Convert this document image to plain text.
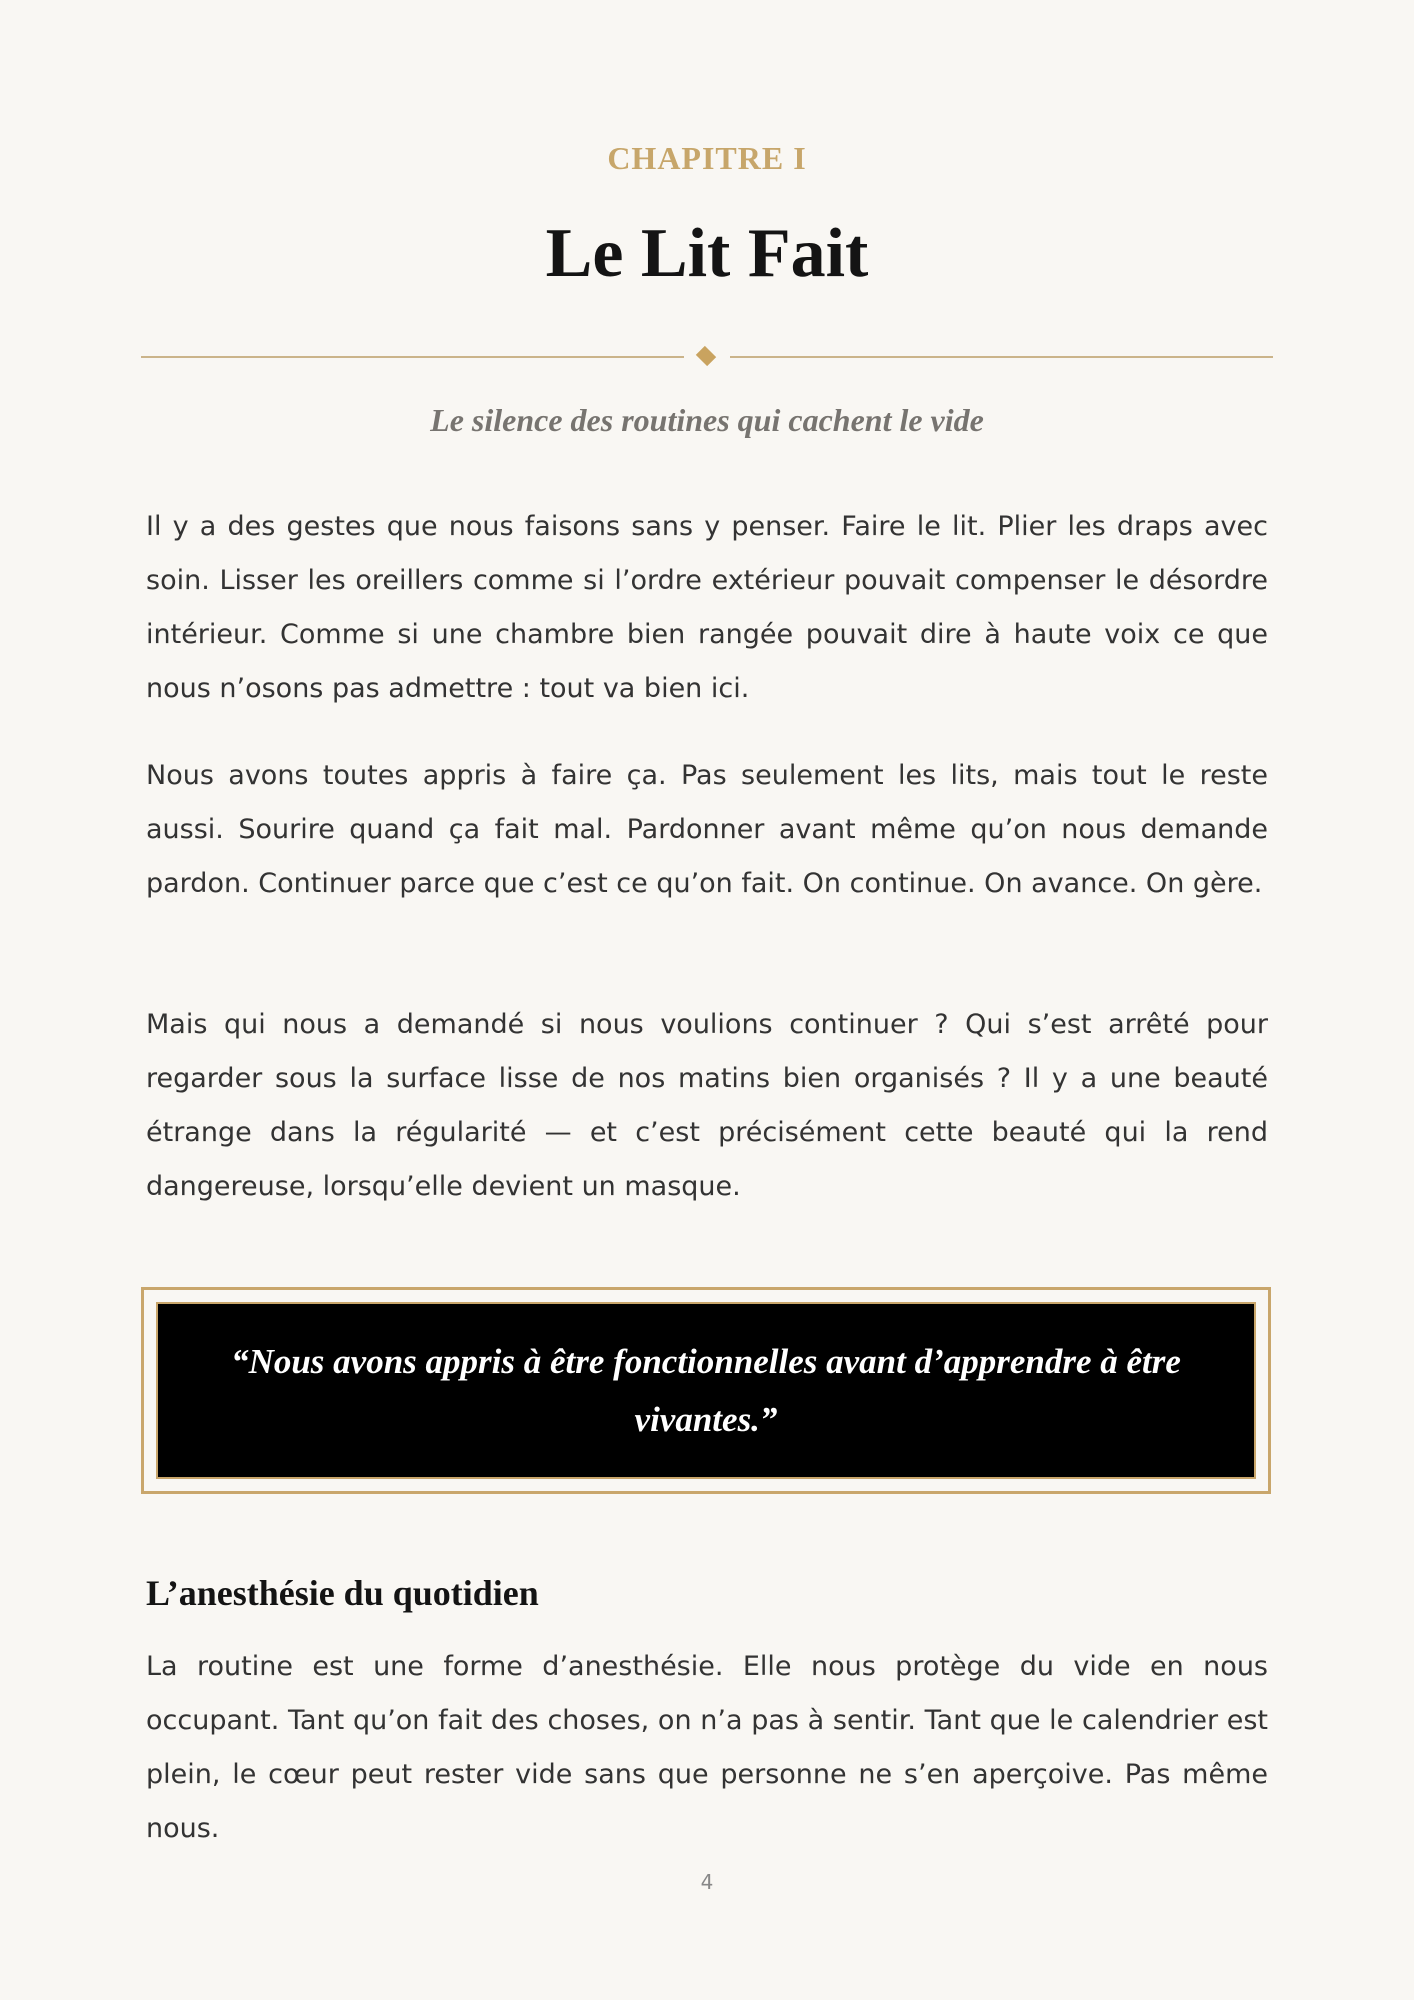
CHAPITRE I
Le Lit Fait
Le silence des routines qui cachent le vide

Il y a des gestes que nous faisons sans y penser. Faire le lit. Plier les draps avec soin. Lisser les oreillers comme si l’ordre extérieur pouvait compenser le désordre intérieur. Comme si une chambre bien rangée pouvait dire à haute voix ce que nous n’osons pas admettre : tout va bien ici.

Nous avons toutes appris à faire ça. Pas seulement les lits, mais tout le reste aussi. Sourire quand ça fait mal. Pardonner avant même qu’on nous demande pardon. Continuer parce que c’est ce qu’on fait. On continue. On avance. On gère.

Mais qui nous a demandé si nous voulions continuer ? Qui s’est arrêté pour regarder sous la surface lisse de nos matins bien organisés ? Il y a une beauté étrange dans la régularité — et c’est précisément cette beauté qui la rend dangereuse, lorsqu’elle devient un masque.

“Nous avons appris à être fonctionnelles avant d’apprendre à être vivantes.”
L’anesthésie du quotidien

La routine est une forme d’anesthésie. Elle nous protège du vide en nous occupant. Tant qu’on fait des choses, on n’a pas à sentir. Tant que le calendrier est plein, le cœur peut rester vide sans que personne ne s’en aperçoive. Pas même nous.

4
